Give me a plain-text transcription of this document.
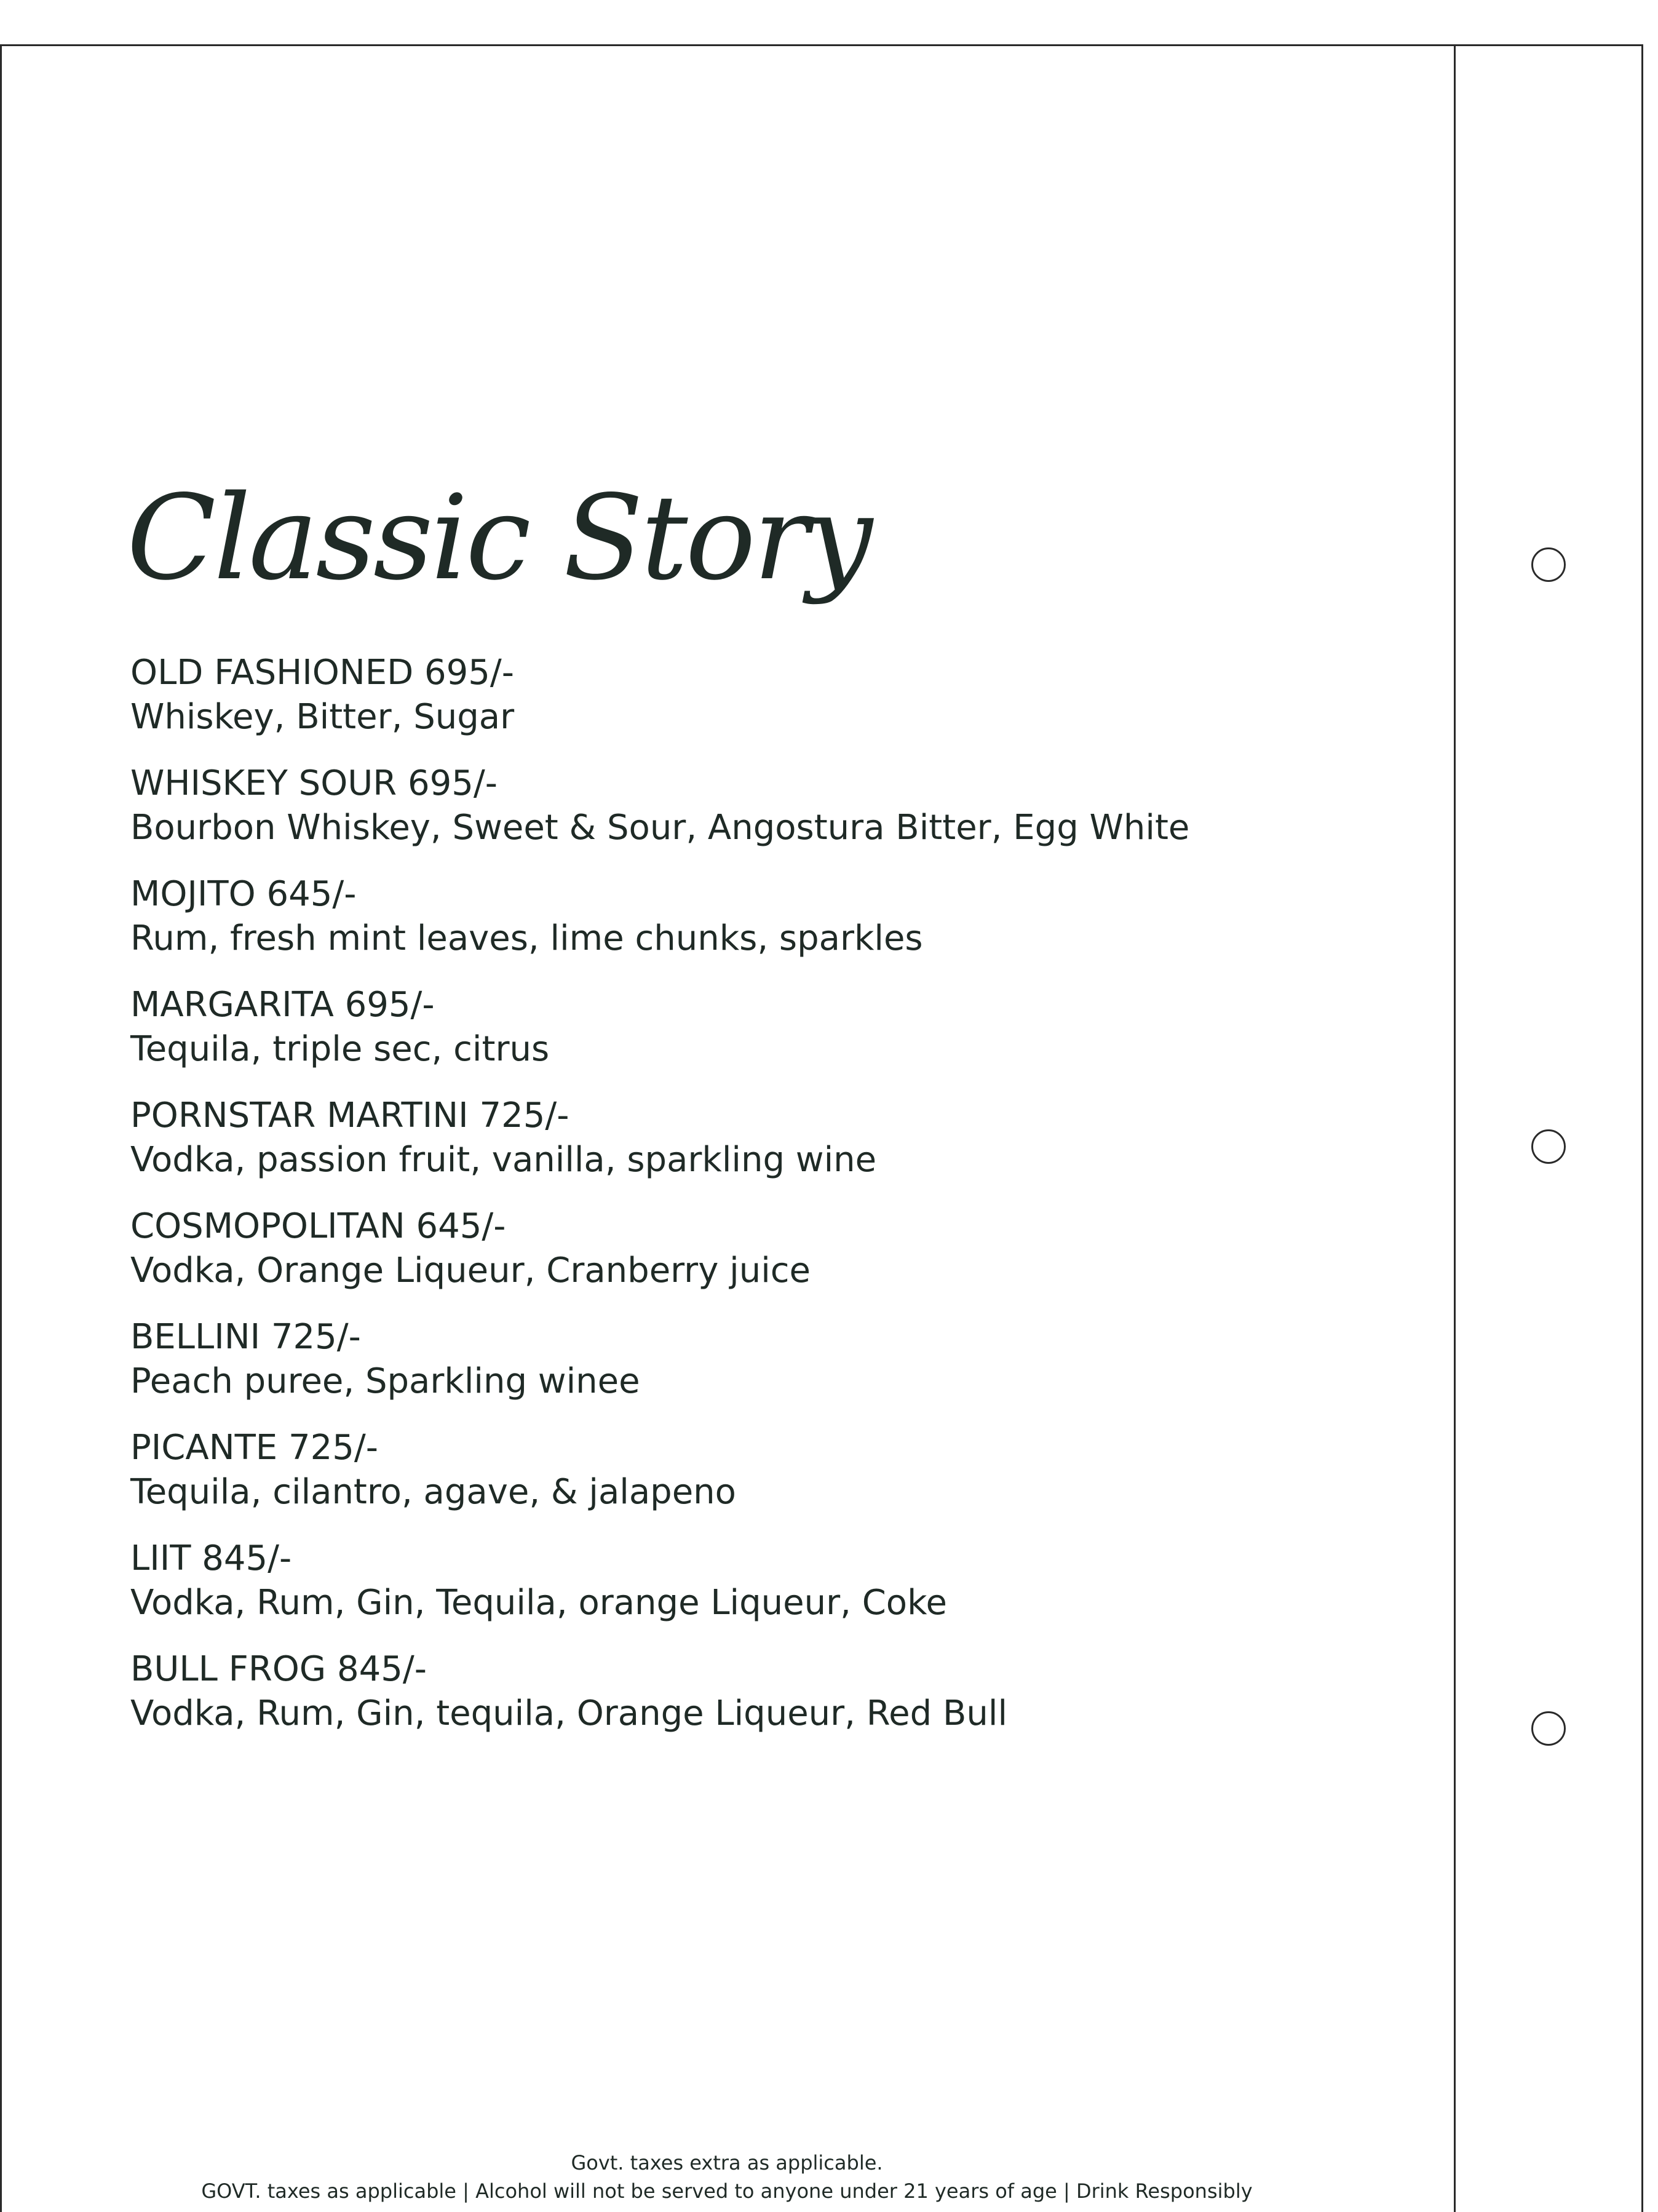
Classic Story
OLD FASHIONED 695/-
Whiskey, Bitter, Sugar
WHISKEY SOUR 695/-
Bourbon Whiskey, Sweet & Sour, Angostura Bitter, Egg White
MOJITO 645/-
Rum, fresh mint leaves, lime chunks, sparkles
MARGARITA 695/-
Tequila, triple sec, citrus
PORNSTAR MARTINI 725/-
Vodka, passion fruit, vanilla, sparkling wine
COSMOPOLITAN 645/-
Vodka, Orange Liqueur, Cranberry juice
BELLINI 725/-
Peach puree, Sparkling winee
PICANTE 725/-
Tequila, cilantro, agave, & jalapeno
LIIT 845/-
Vodka, Rum, Gin, Tequila, orange Liqueur, Coke
BULL FROG 845/-
Vodka, Rum, Gin, tequila, Orange Liqueur, Red Bull
Govt. taxes extra as applicable.
GOVT. taxes as applicable | Alcohol will not be served to anyone under 21 years of age | Drink Responsibly
